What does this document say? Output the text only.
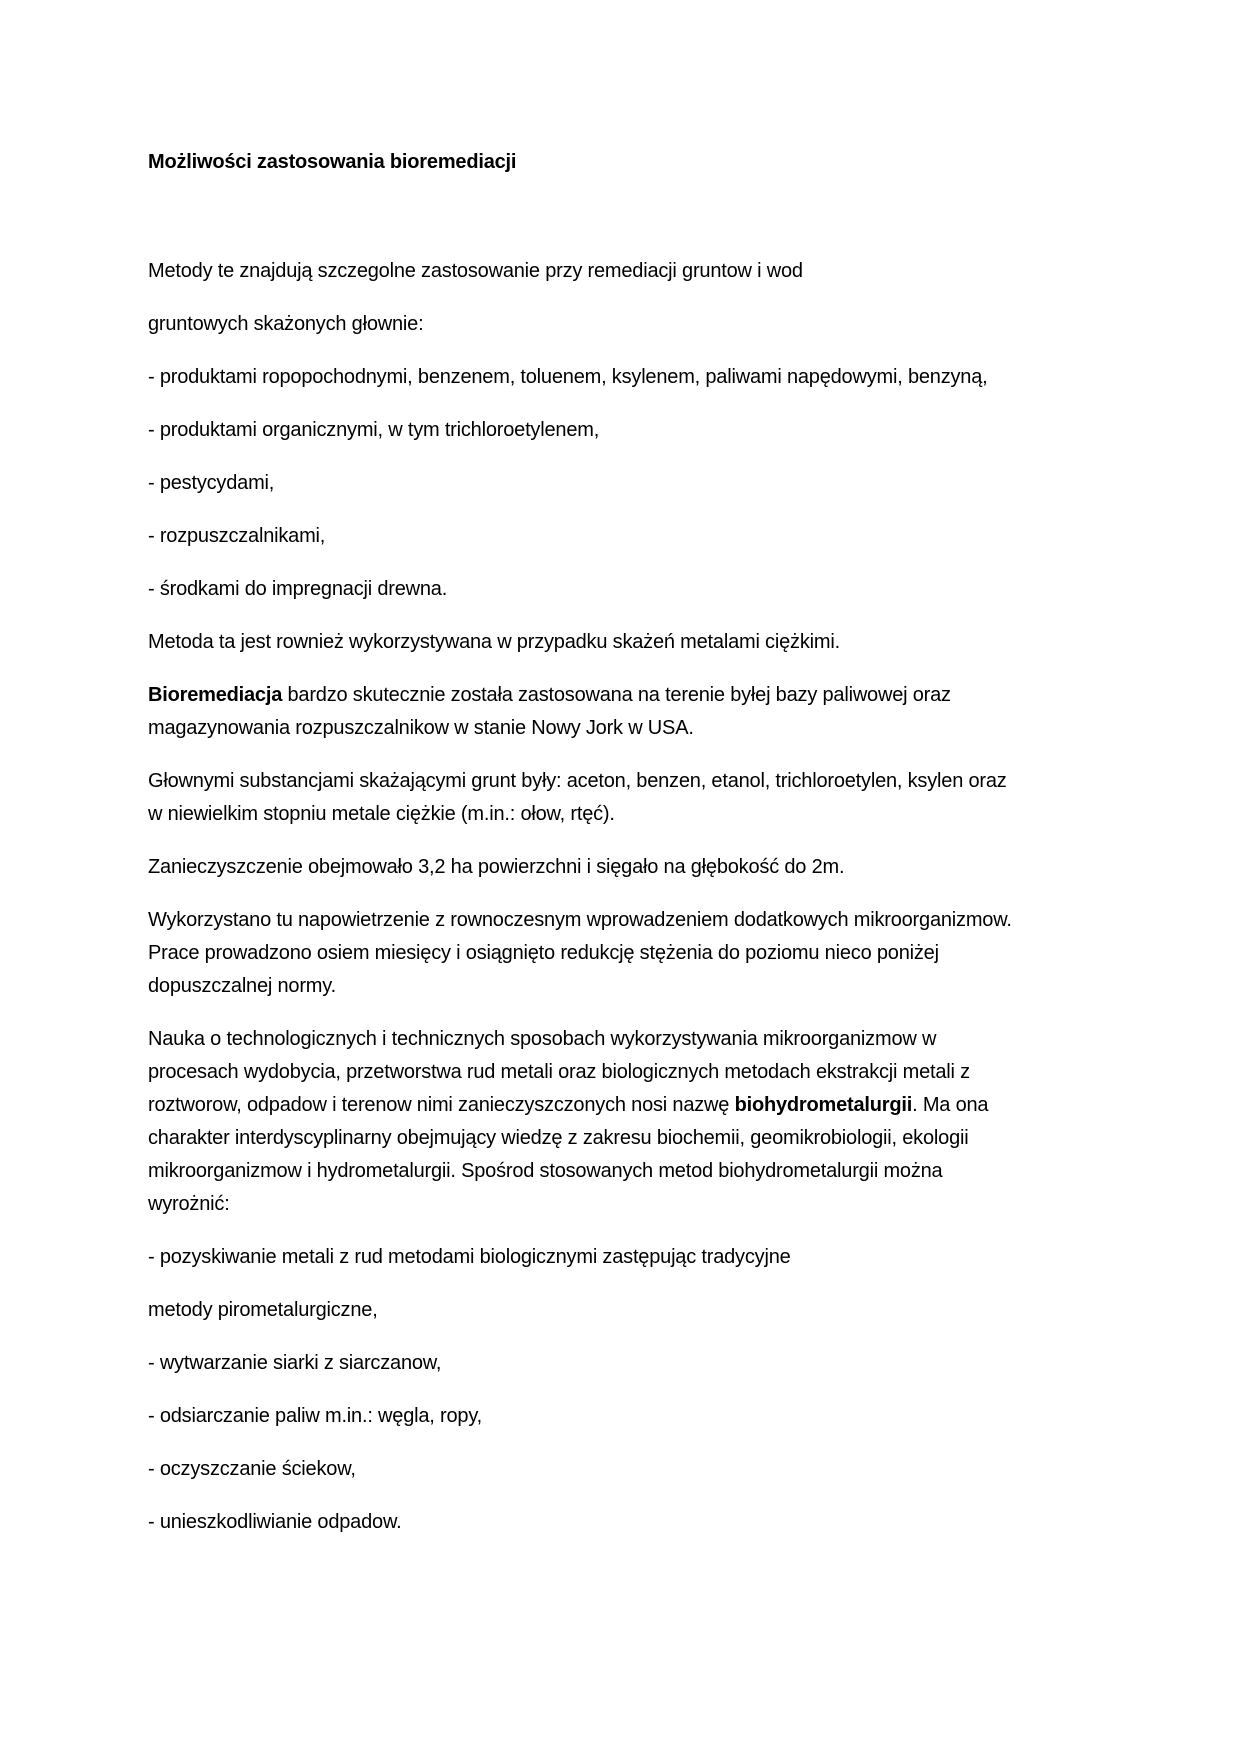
Możliwości zastosowania bioremediacji
Metody te znajdują szczegolne zastosowanie przy remediacji gruntow i wod
gruntowych skażonych głownie:
- produktami ropopochodnymi, benzenem, toluenem, ksylenem, paliwami napędowymi, benzyną,
- produktami organicznymi, w tym trichloroetylenem,
- pestycydami,
- rozpuszczalnikami,
- środkami do impregnacji drewna.
Metoda ta jest rownież wykorzystywana w przypadku skażeń metalami ciężkimi.
Bioremediacja bardzo skutecznie została zastosowana na terenie byłej bazy paliwowej oraz magazynowania rozpuszczalnikow w stanie Nowy Jork w USA.
Głownymi substancjami skażającymi grunt były: aceton, benzen, etanol, trichloroetylen, ksylen oraz w niewielkim stopniu metale ciężkie (m.in.: ołow, rtęć).
Zanieczyszczenie obejmowało 3,2 ha powierzchni i sięgało na głębokość do 2m.
Wykorzystano tu napowietrzenie z rownoczesnym wprowadzeniem dodatkowych mikroorganizmow. Prace prowadzono osiem miesięcy i osiągnięto redukcję stężenia do poziomu nieco poniżej dopuszczalnej normy.
Nauka o technologicznych i technicznych sposobach wykorzystywania mikroorganizmow w procesach wydobycia, przetworstwa rud metali oraz biologicznych metodach ekstrakcji metali z roztworow, odpadow i terenow nimi zanieczyszczonych nosi nazwę biohydrometalurgii. Ma ona charakter interdyscyplinarny obejmujący wiedzę z zakresu biochemii, geomikrobiologii, ekologii mikroorganizmow i hydrometalurgii. Spośrod stosowanych metod biohydrometalurgii można wyrożnić:
- pozyskiwanie metali z rud metodami biologicznymi zastępując tradycyjne
metody pirometalurgiczne,
- wytwarzanie siarki z siarczanow,
- odsiarczanie paliw m.in.: węgla, ropy,
- oczyszczanie ściekow,
- unieszkodliwianie odpadow.
